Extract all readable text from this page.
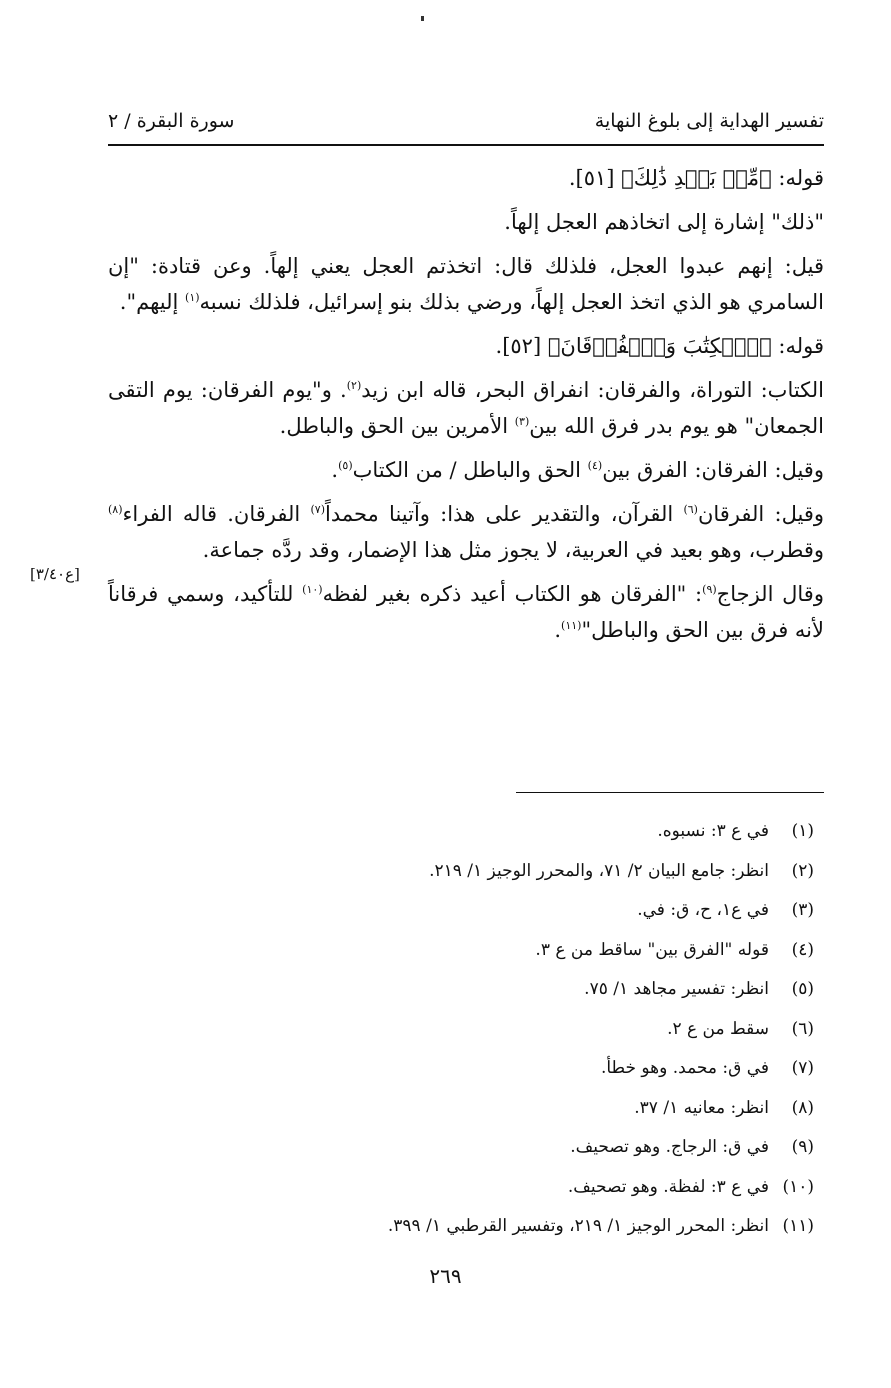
تفسير الهداية إلى بلوغ النهاية
سورة البقرة / ٢

قوله: ﴿مِّنۢ بَعۡدِ ذَٰلِكَ﴾ [٥١].

"ذلك" إشارة إلى اتخاذهم العجل إلهاً.

قيل: إنهم عبدوا العجل، فلذلك قال: اتخذتم العجل يعني إلهاً. وعن قتادة: "إن السامري هو الذي اتخذ العجل إلهاً، ورضي بذلك بنو إسرائيل، فلذلك نسبه$^{(١)}$ إليهم".

قوله: ﴿ٱلۡكِتَٰبَ وَٱلۡفُرۡقَانَ﴾ [٥٢].

الكتاب: التوراة، والفرقان: انفراق البحر، قاله ابن زيد$^{(٢)}$. و"يوم الفرقان: يوم التقى الجمعان" هو يوم بدر فرق الله بين$^{(٣)}$ الأمرين بين الحق والباطل.

وقيل: الفرقان: الفرق بين$^{(٤)}$ الحق والباطل / من الكتاب$^{(٥)}$.

وقيل: الفرقان$^{(٦)}$ القرآن، والتقدير على هذا: وآتينا محمداً$^{(٧)}$ الفرقان. قاله الفراء$^{(٨)}$ وقطرب، وهو بعيد في العربية، لا يجوز مثل هذا الإضمار، وقد ردَّه جماعة.

وقال الزجاج$^{(٩)}$: "الفرقان هو الكتاب أعيد ذكره بغير لفظه$^{(١٠)}$ للتأكيد، وسمي فرقاناً لأنه فرق بين الحق والباطل"$^{(١١)}$.

[ع٣/٤٠]
(١)في ع ٣: نسبوه.
(٢)انظر: جامع البيان ٢/ ٧١، والمحرر الوجيز ١/ ٢١٩.
(٣)في ع١، ح، ق: في.
(٤)قوله "الفرق بين" ساقط من ع ٣.
(٥)انظر: تفسير مجاهد ١/ ٧٥.
(٦)سقط من ع ٢.
(٧)في ق: محمد. وهو خطأ.
(٨)انظر: معانيه ١/ ٣٧.
(٩)في ق: الرجاج. وهو تصحيف.
(١٠)في ع ٣: لفظة. وهو تصحيف.
(١١)انظر: المحرر الوجيز ١/ ٢١٩، وتفسير القرطبي ١/ ٣٩٩.
٢٦٩
